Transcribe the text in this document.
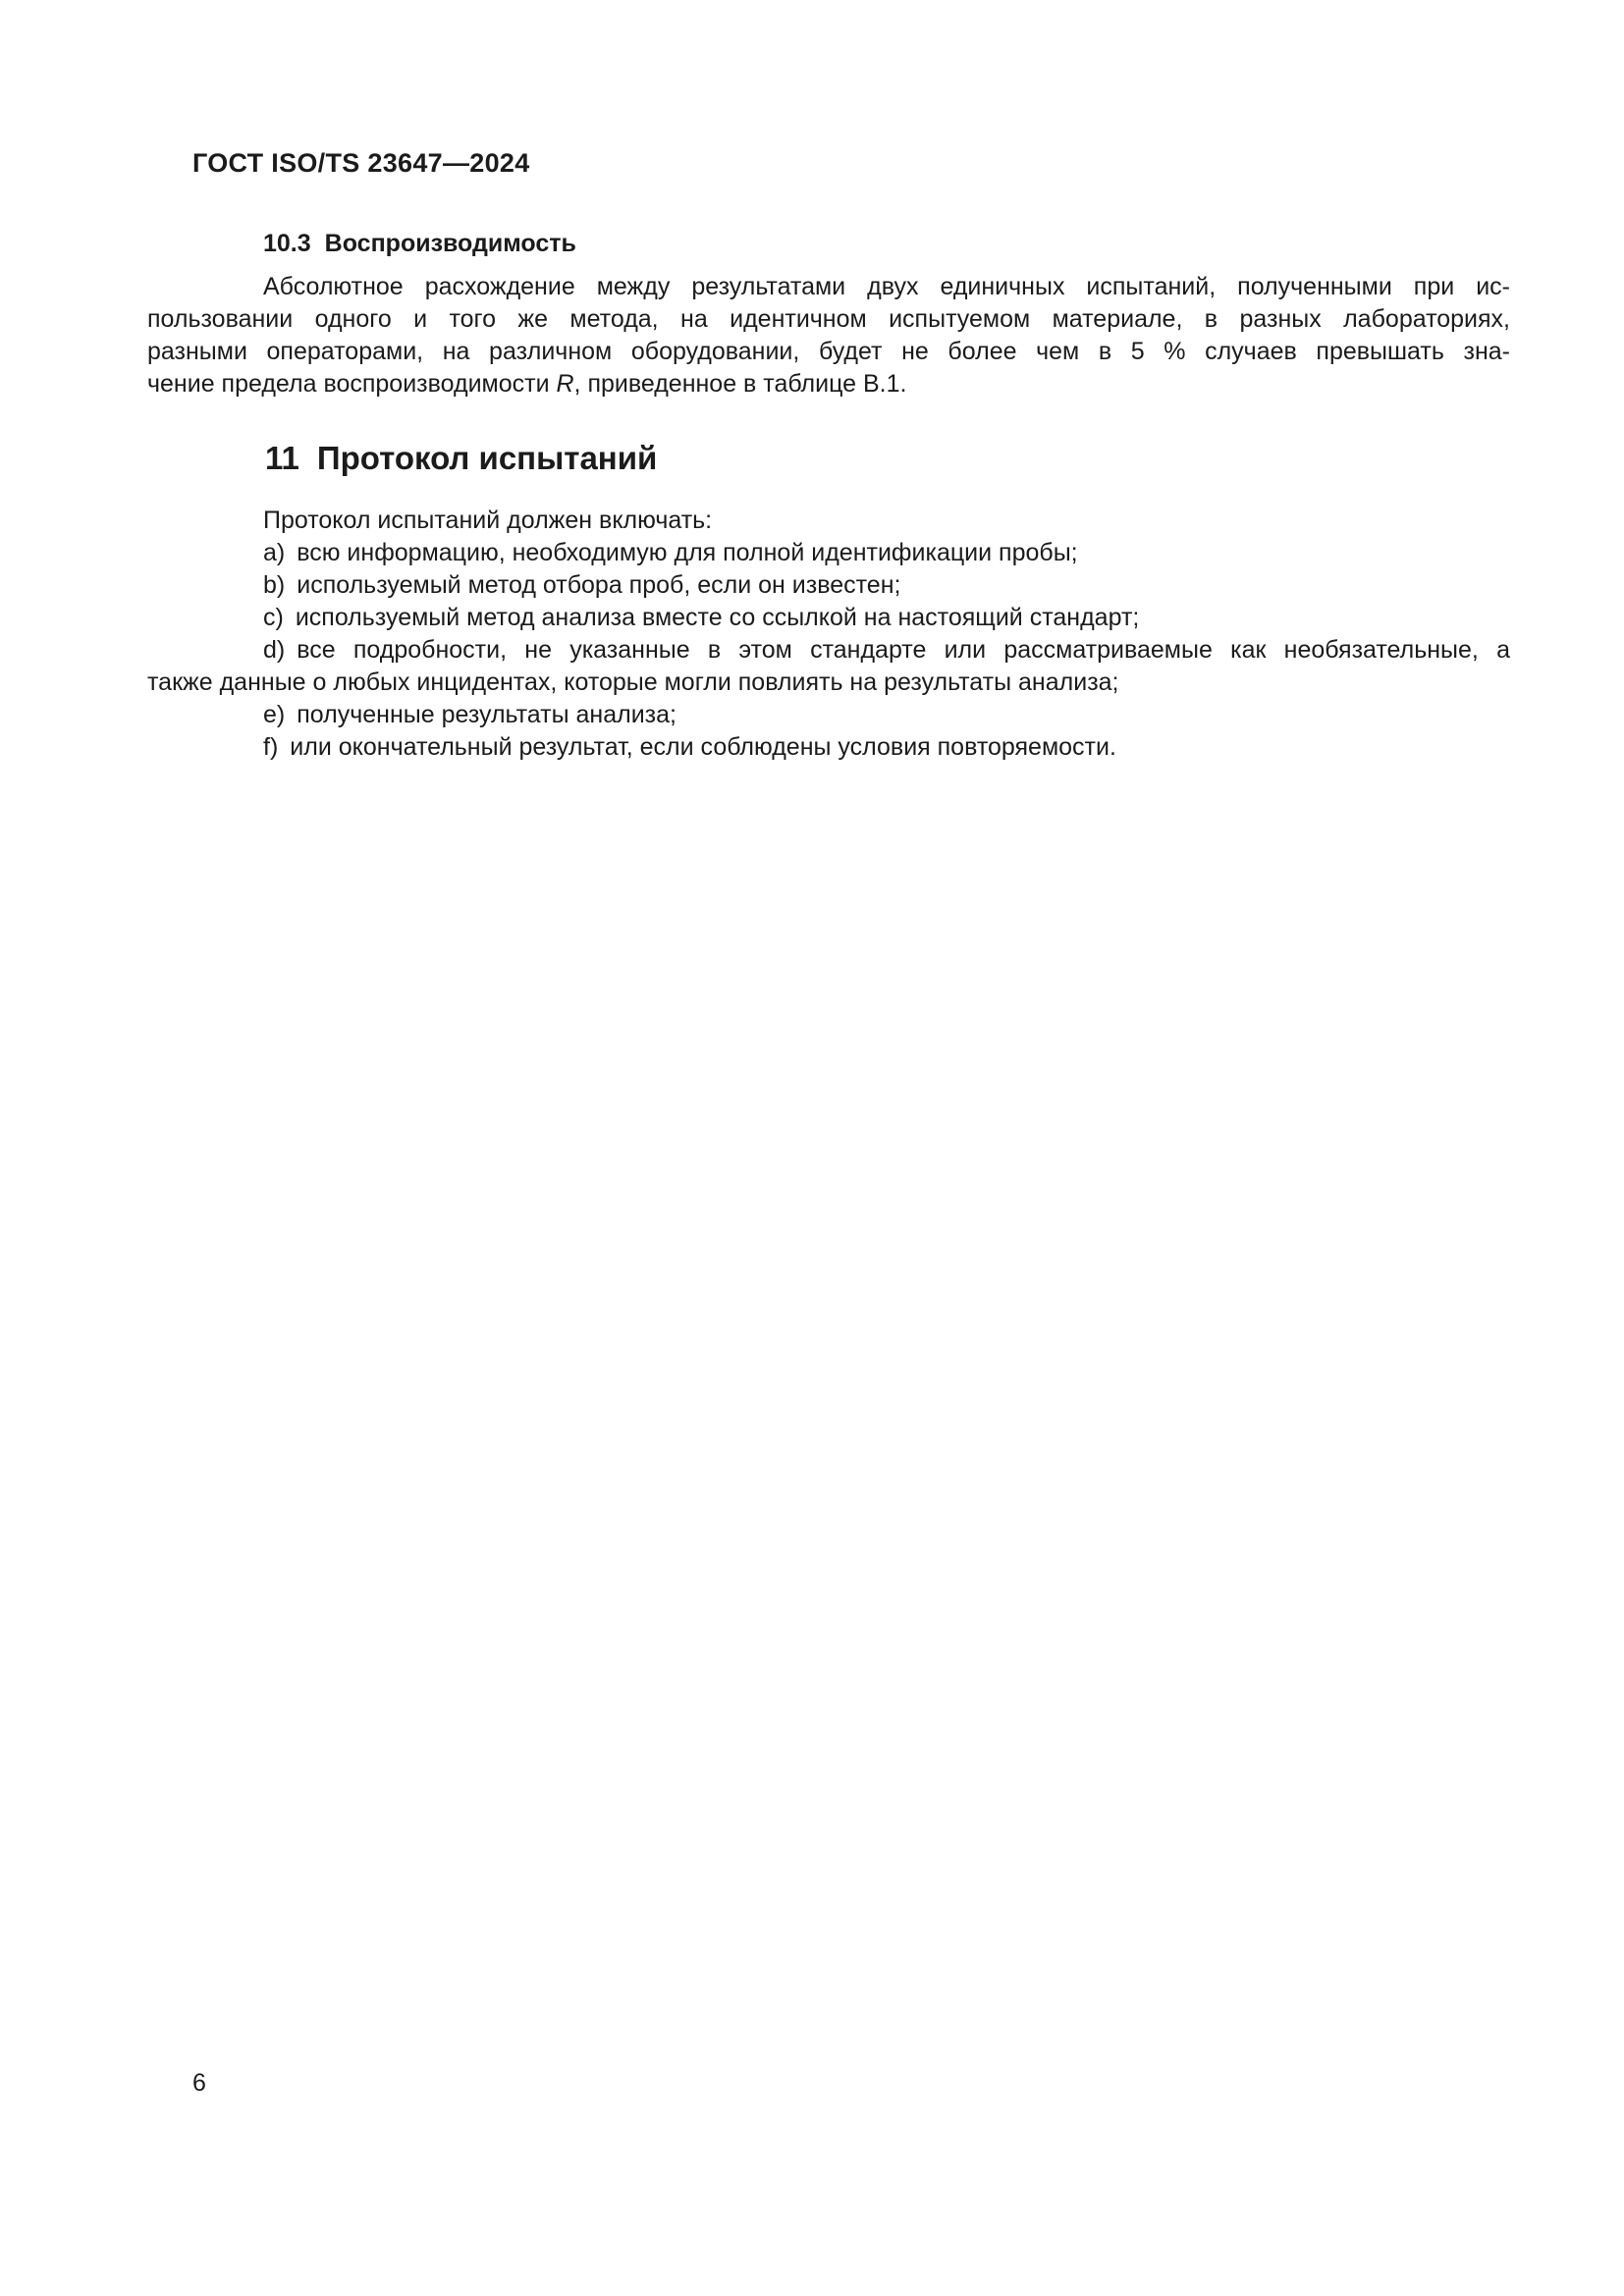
ГОСТ ISO/TS 23647—2024
10.3 Воспроизводимость
Абсолютное расхождение между результатами двух единичных испытаний, полученными при ис-
пользовании одного и того же метода, на идентичном испытуемом материале, в разных лабораториях,
разными операторами, на различном оборудовании, будет не более чем в 5 % случаев превышать зна-
чение предела воспроизводимости R, приведенное в таблице В.1.
11 Протокол испытаний
Протокол испытаний должен включать:
a) всю информацию, необходимую для полной идентификации пробы;
b) используемый метод отбора проб, если он известен;
c) используемый метод анализа вместе со ссылкой на настоящий стандарт;
d) все подробности, не указанные в этом стандарте или рассматриваемые как необязательные, а
также данные о любых инцидентах, которые могли повлиять на результаты анализа;
e) полученные результаты анализа;
f) или окончательный результат, если соблюдены условия повторяемости.
6
